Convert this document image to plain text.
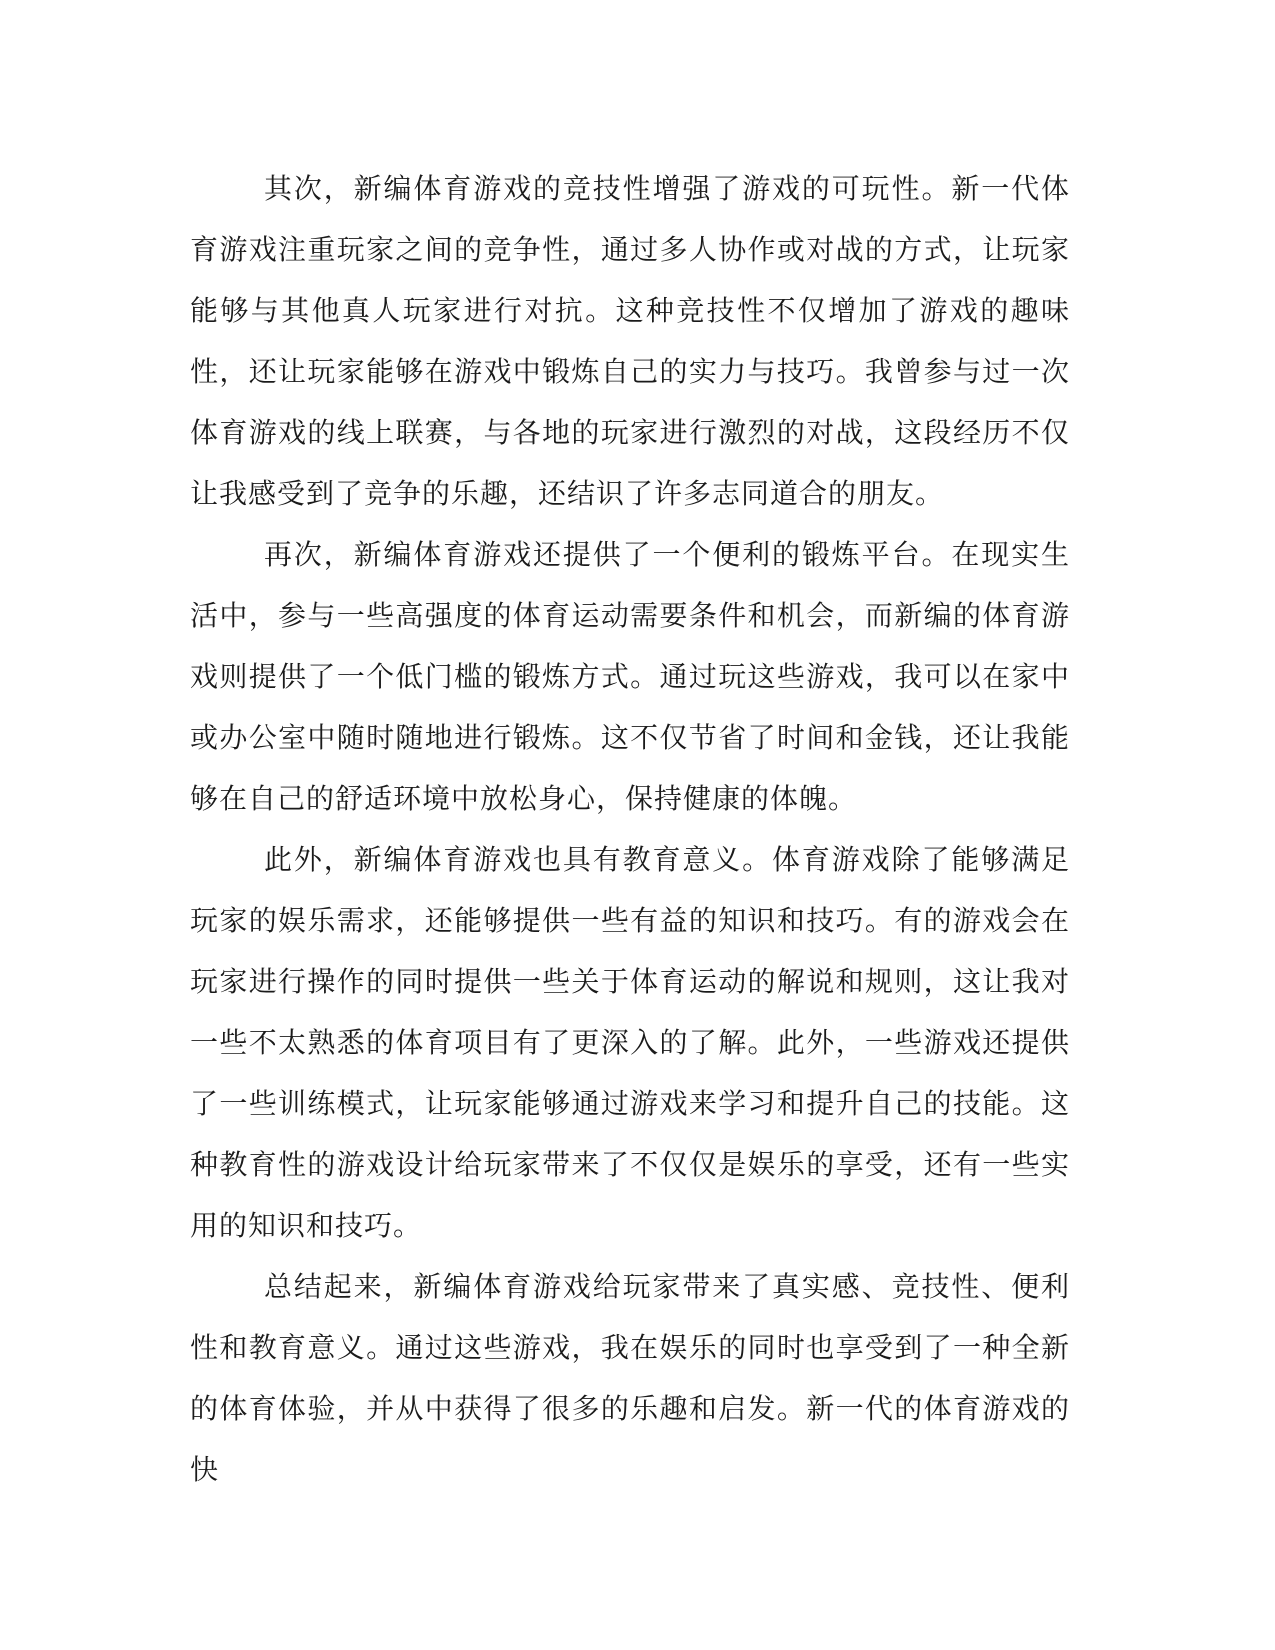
其次，新编体育游戏的竞技性增强了游戏的可玩性。新一代体育游戏注重玩家之间的竞争性，通过多人协作或对战的方式，让玩家能够与其他真人玩家进行对抗。这种竞技性不仅增加了游戏的趣味性，还让玩家能够在游戏中锻炼自己的实力与技巧。我曾参与过一次体育游戏的线上联赛，与各地的玩家进行激烈的对战，这段经历不仅让我感受到了竞争的乐趣，还结识了许多志同道合的朋友。

再次，新编体育游戏还提供了一个便利的锻炼平台。在现实生活中，参与一些高强度的体育运动需要条件和机会，而新编的体育游戏则提供了一个低门槛的锻炼方式。通过玩这些游戏，我可以在家中或办公室中随时随地进行锻炼。这不仅节省了时间和金钱，还让我能够在自己的舒适环境中放松身心，保持健康的体魄。

此外，新编体育游戏也具有教育意义。体育游戏除了能够满足玩家的娱乐需求，还能够提供一些有益的知识和技巧。有的游戏会在玩家进行操作的同时提供一些关于体育运动的解说和规则，这让我对一些不太熟悉的体育项目有了更深入的了解。此外，一些游戏还提供了一些训练模式，让玩家能够通过游戏来学习和提升自己的技能。这种教育性的游戏设计给玩家带来了不仅仅是娱乐的享受，还有一些实用的知识和技巧。

总结起来，新编体育游戏给玩家带来了真实感、竞技性、便利性和教育意义。通过这些游戏，我在娱乐的同时也享受到了一种全新的体育体验，并从中获得了很多的乐趣和启发。新一代的体育游戏的快
